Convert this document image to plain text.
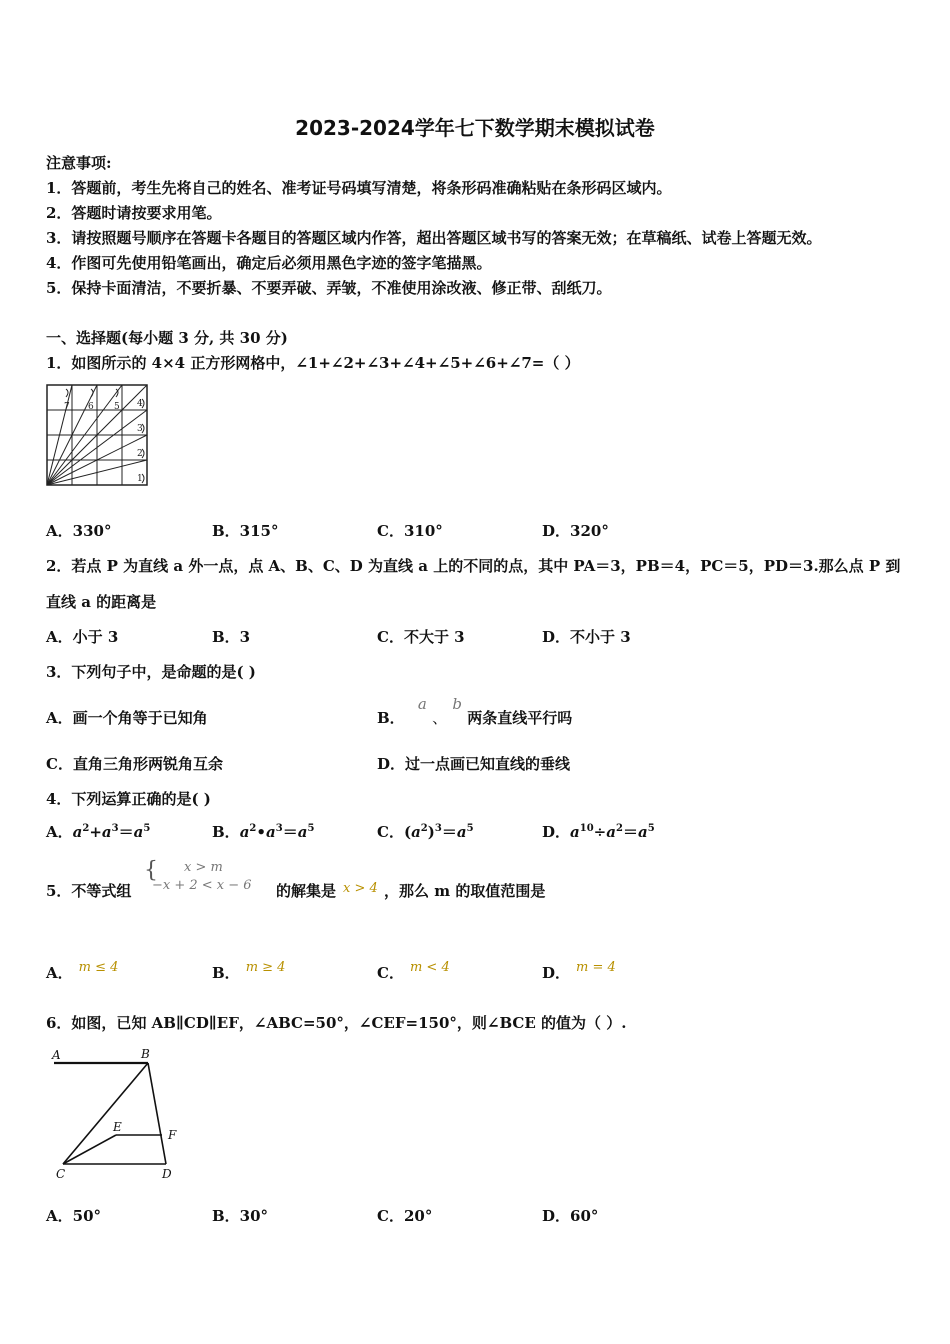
2023-2024学年七下数学期末模拟试卷
注意事项:
1．答题前，考生先将自己的姓名、准考证号码填写清楚，将条形码准确粘贴在条形码区域内。
2．答题时请按要求用笔。
3．请按照题号顺序在答题卡各题目的答题区域内作答，超出答题区域书写的答案无效；在草稿纸、试卷上答题无效。
4．作图可先使用铅笔画出，确定后必须用黑色字迹的签字笔描黑。
5．保持卡面清洁，不要折暴、不要弄破、弄皱，不准使用涂改液、修正带、刮纸刀。
一、选择题(每小题 3 分, 共 30 分)
1．如图所示的 4×4 正方形网格中，∠1+∠2+∠3+∠4+∠5+∠6+∠7=（ ）
1
2
3
4
5
6
7
A．330°	B．315°	C．310°	D．320°
2．若点 P 为直线 a 外一点，点 A、B、C、D 为直线 a 上的不同的点，其中 PA＝3，PB＝4，PC＝5，PD＝3.那么点 P 到
直线 a 的距离是
A．小于 3	B．3	C．不大于 3	D．不小于 3
3．下列句子中，是命题的是( )
A．画一个角等于已知角	B． a 、 b 两条直线平行吗
C．直角三角形两锐角互余	D．过一点画已知直线的垂线
4．下列运算正确的是( )
A．$a^2+a^3=a^5$	B．$a^2•a^3=a^5$	C．$(a^2)^3=a^5$	D．$a^{10}\div a^2=a^5$
5．不等式组
{ x > m
−x + 2 < x − 6 的解集是 x > 4 ，那么 m 的取值范围是
A． m ≤ 4	B． m ≥ 4	C． m < 4	D． m = 4
6．如图，已知 AB∥CD∥EF，∠ABC=50°，∠CEF=150°，则∠BCE 的值为（ ）.
A	B
E
F
C	D
A．50°	B．30°	C．20°	D．60°
